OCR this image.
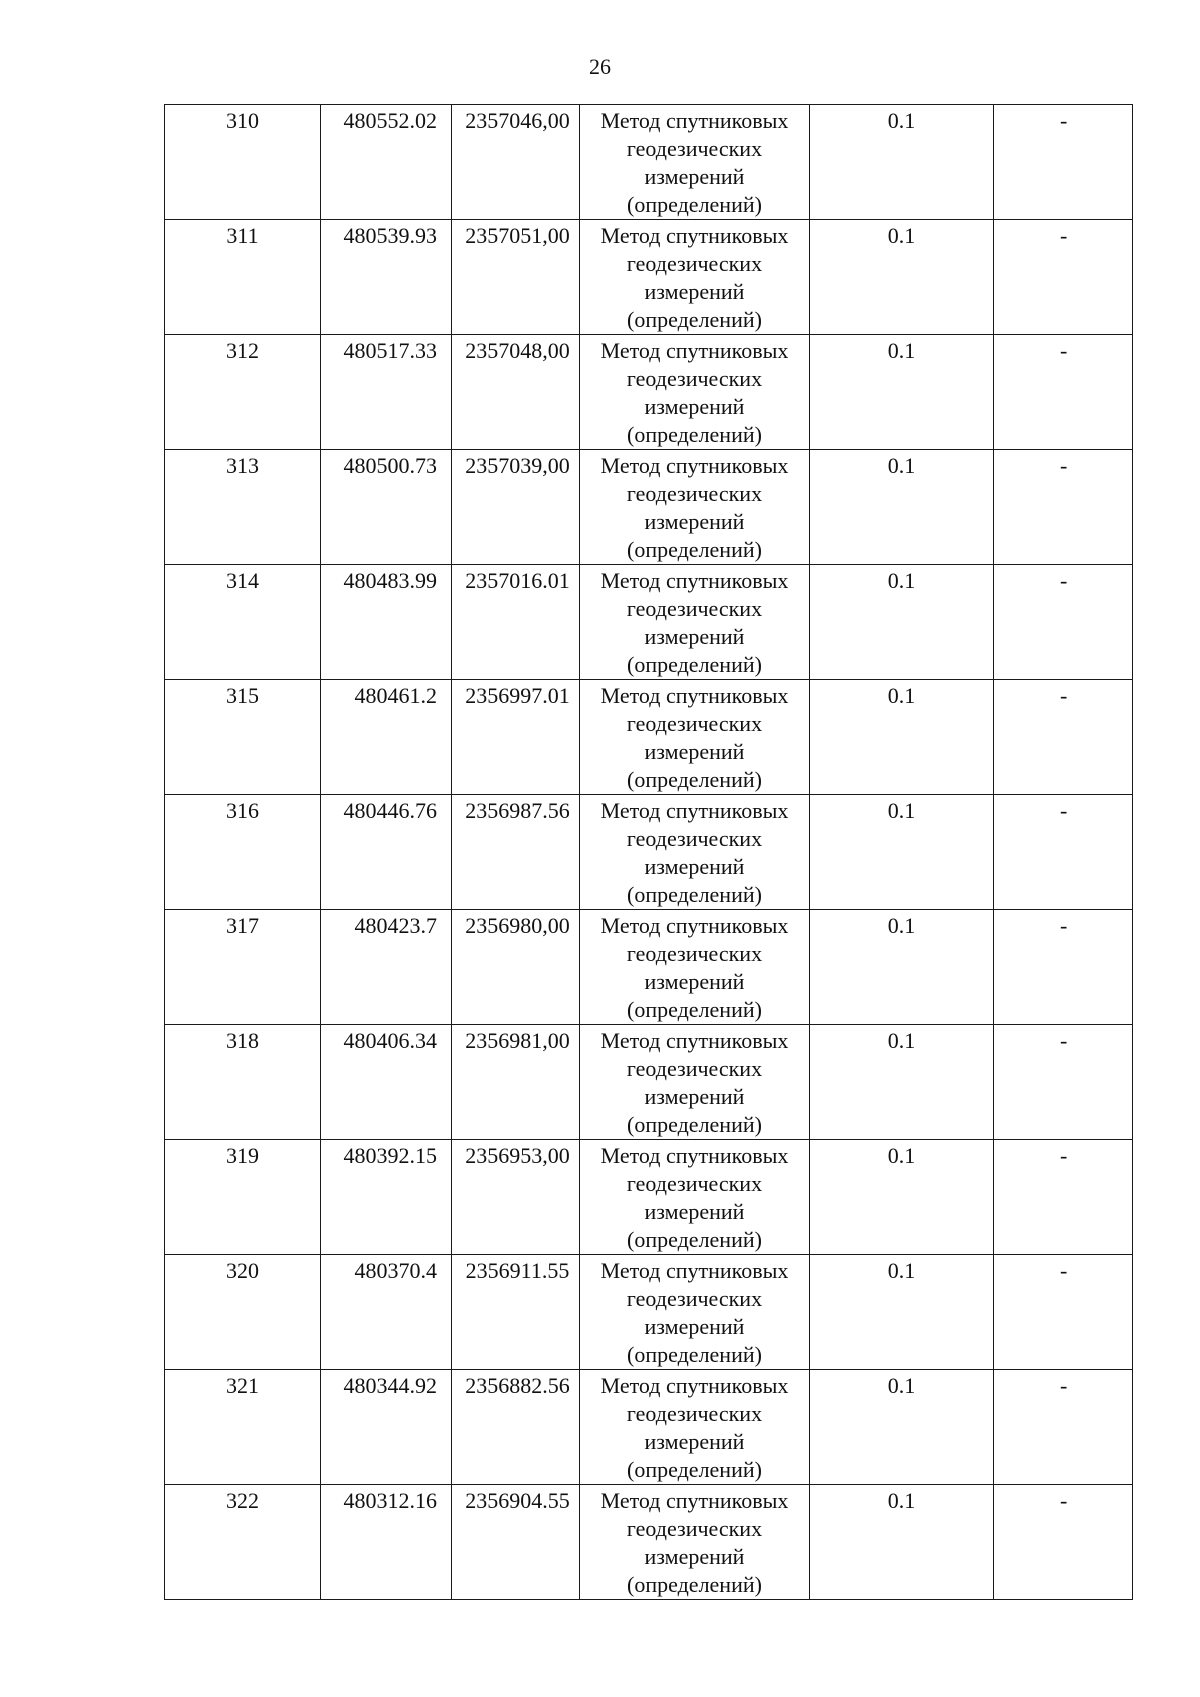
26
310	480552.02	2357046,00	Метод спутниковых
геодезических
измерений
(определений)	0.1	-
311	480539.93	2357051,00	Метод спутниковых
геодезических
измерений
(определений)	0.1	-
312	480517.33	2357048,00	Метод спутниковых
геодезических
измерений
(определений)	0.1	-
313	480500.73	2357039,00	Метод спутниковых
геодезических
измерений
(определений)	0.1	-
314	480483.99	2357016.01	Метод спутниковых
геодезических
измерений
(определений)	0.1	-
315	480461.2	2356997.01	Метод спутниковых
геодезических
измерений
(определений)	0.1	-
316	480446.76	2356987.56	Метод спутниковых
геодезических
измерений
(определений)	0.1	-
317	480423.7	2356980,00	Метод спутниковых
геодезических
измерений
(определений)	0.1	-
318	480406.34	2356981,00	Метод спутниковых
геодезических
измерений
(определений)	0.1	-
319	480392.15	2356953,00	Метод спутниковых
геодезических
измерений
(определений)	0.1	-
320	480370.4	2356911.55	Метод спутниковых
геодезических
измерений
(определений)	0.1	-
321	480344.92	2356882.56	Метод спутниковых
геодезических
измерений
(определений)	0.1	-
322	480312.16	2356904.55	Метод спутниковых
геодезических
измерений
(определений)	0.1	-
